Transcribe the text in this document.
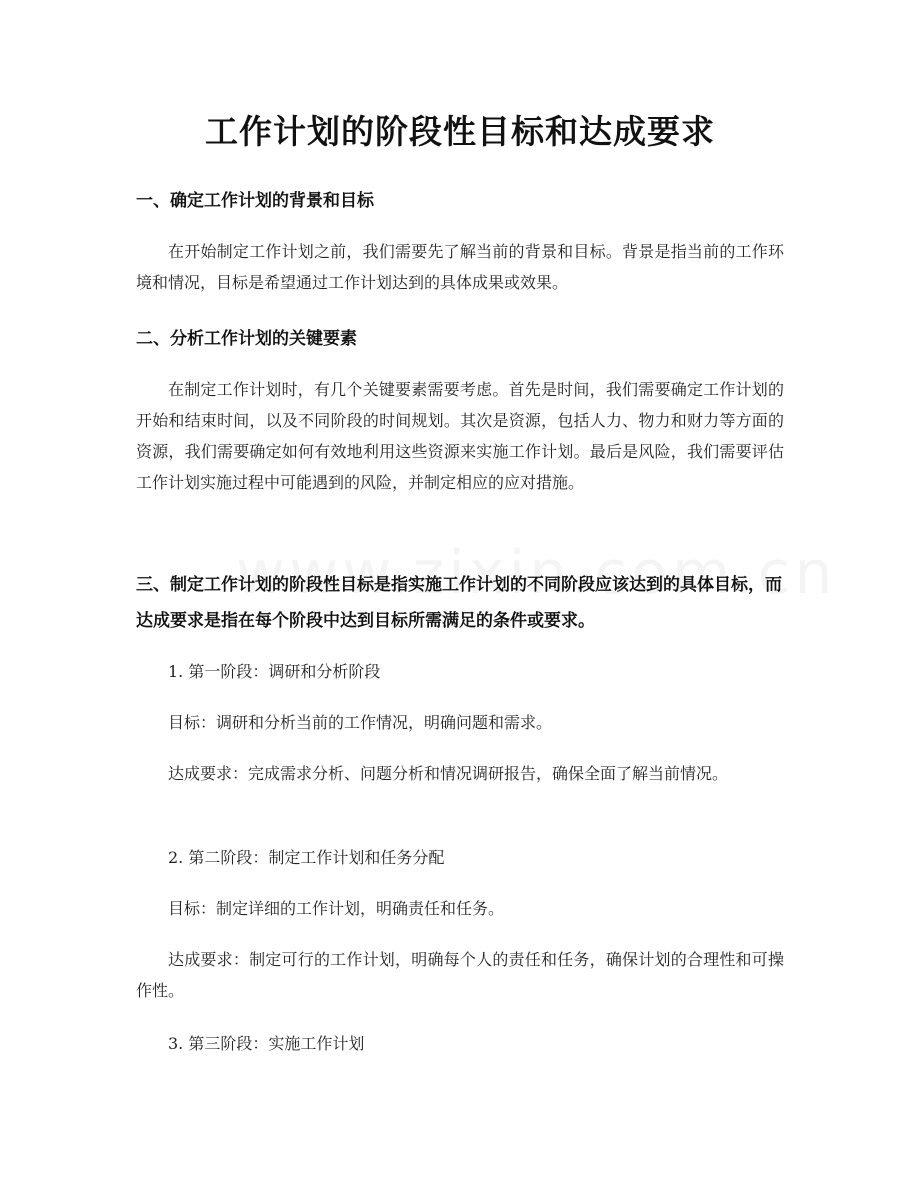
工作计划的阶段性目标和达成要求

一、确定工作计划的背景和目标

在开始制定工作计划之前，我们需要先了解当前的背景和目标。背景是指当前的工作环境和情况，目标是希望通过工作计划达到的具体成果或效果。

二、分析工作计划的关键要素

在制定工作计划时，有几个关键要素需要考虑。首先是时间，我们需要确定工作计划的开始和结束时间，以及不同阶段的时间规划。其次是资源，包括人力、物力和财力等方面的资源，我们需要确定如何有效地利用这些资源来实施工作计划。最后是风险，我们需要评估工作计划实施过程中可能遇到的风险，并制定相应的应对措施。

三、制定工作计划的阶段性目标是指实施工作计划的不同阶段应该达到的具体目标，而达成要求是指在每个阶段中达到目标所需满足的条件或要求。

1. 第一阶段：调研和分析阶段

目标：调研和分析当前的工作情况，明确问题和需求。

达成要求：完成需求分析、问题分析和情况调研报告，确保全面了解当前情况。

2. 第二阶段：制定工作计划和任务分配

目标：制定详细的工作计划，明确责任和任务。

达成要求：制定可行的工作计划，明确每个人的责任和任务，确保计划的合理性和可操作性。

3. 第三阶段：实施工作计划
